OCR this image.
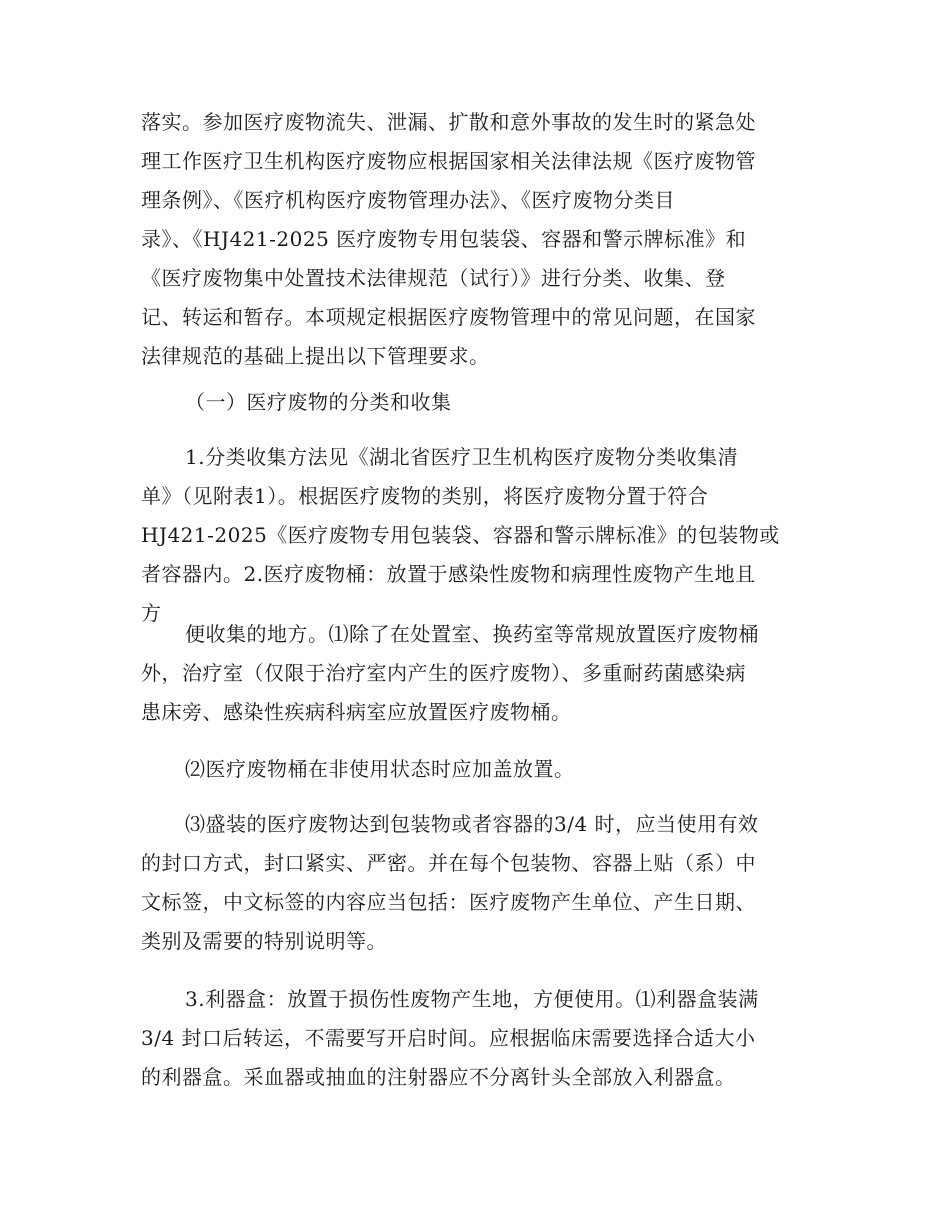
落实。参加医疗废物流失、泄漏、扩散和意外事故的发生时的紧急处
理工作医疗卫生机构医疗废物应根据国家相关法律法规《医疗废物管
理条例》、《医疗机构医疗废物管理办法》、《医疗废物分类目
录》、《HJ421-2025 医疗废物专用包装袋、容器和警示牌标准》和
《医疗废物集中处置技术法律规范（试行）》进行分类、收集、登
记、转运和暂存。本项规定根据医疗废物管理中的常见问题，在国家
法律规范的基础上提出以下管理要求。

（一）医疗废物的分类和收集

1.分类收集方法见《湖北省医疗卫生机构医疗废物分类收集清
单》（见附表1）。根据医疗废物的类别，将医疗废物分置于符合
HJ421-2025《医疗废物专用包装袋、容器和警示牌标准》的包装物或
者容器内。2.医疗废物桶：放置于感染性废物和病理性废物产生地且
方

便收集的地方。⑴除了在处置室、换药室等常规放置医疗废物桶
外，治疗室（仅限于治疗室内产生的医疗废物）、多重耐药菌感染病
患床旁、感染性疾病科病室应放置医疗废物桶。

⑵医疗废物桶在非使用状态时应加盖放置。

⑶盛装的医疗废物达到包装物或者容器的3/4 时，应当使用有效
的封口方式，封口紧实、严密。并在每个包装物、容器上贴（系）中
文标签，中文标签的内容应当包括：医疗废物产生单位、产生日期、
类别及需要的特别说明等。

3.利器盒：放置于损伤性废物产生地，方便使用。⑴利器盒装满
3/4 封口后转运，不需要写开启时间。应根据临床需要选择合适大小
的利器盒。采血器或抽血的注射器应不分离针头全部放入利器盒。
